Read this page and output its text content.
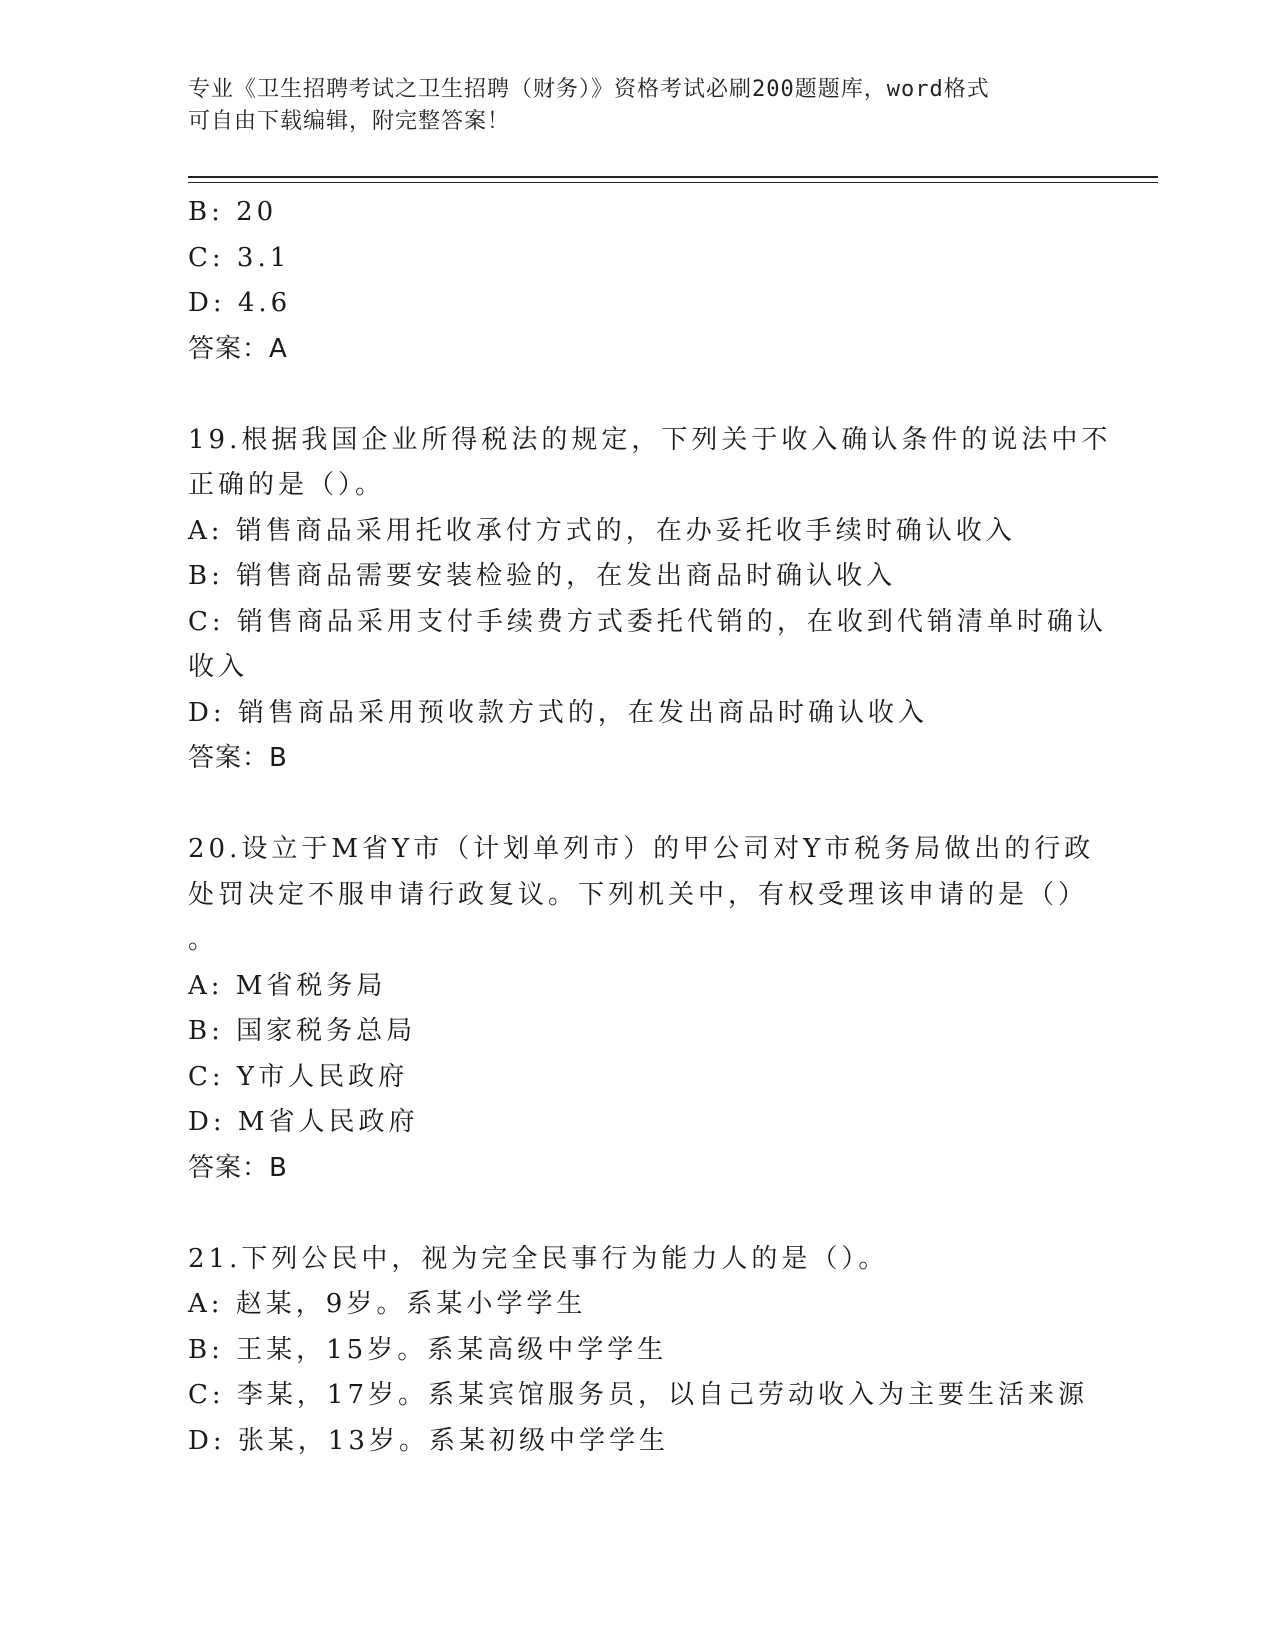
专业《卫生招聘考试之卫生招聘（财务）》资格考试必刷200题题库，word格式
可自由下载编辑，附完整答案！
B: 20
C: 3.1
D: 4.6
答案：A
19.根据我国企业所得税法的规定，下列关于收入确认条件的说法中不
正确的是（）。
A: 销售商品采用托收承付方式的，在办妥托收手续时确认收入
B: 销售商品需要安装检验的，在发出商品时确认收入
C: 销售商品采用支付手续费方式委托代销的，在收到代销清单时确认
收入
D: 销售商品采用预收款方式的，在发出商品时确认收入
答案：B
20.设立于M省Y市（计划单列市）的甲公司对Y市税务局做出的行政
处罚决定不服申请行政复议。下列机关中，有权受理该申请的是（）
。
A: M省税务局
B: 国家税务总局
C: Y市人民政府
D: M省人民政府
答案：B
21.下列公民中，视为完全民事行为能力人的是（）。
A: 赵某，9岁。系某小学学生
B: 王某，15岁。系某高级中学学生
C: 李某，17岁。系某宾馆服务员，以自己劳动收入为主要生活来源
D: 张某，13岁。系某初级中学学生
